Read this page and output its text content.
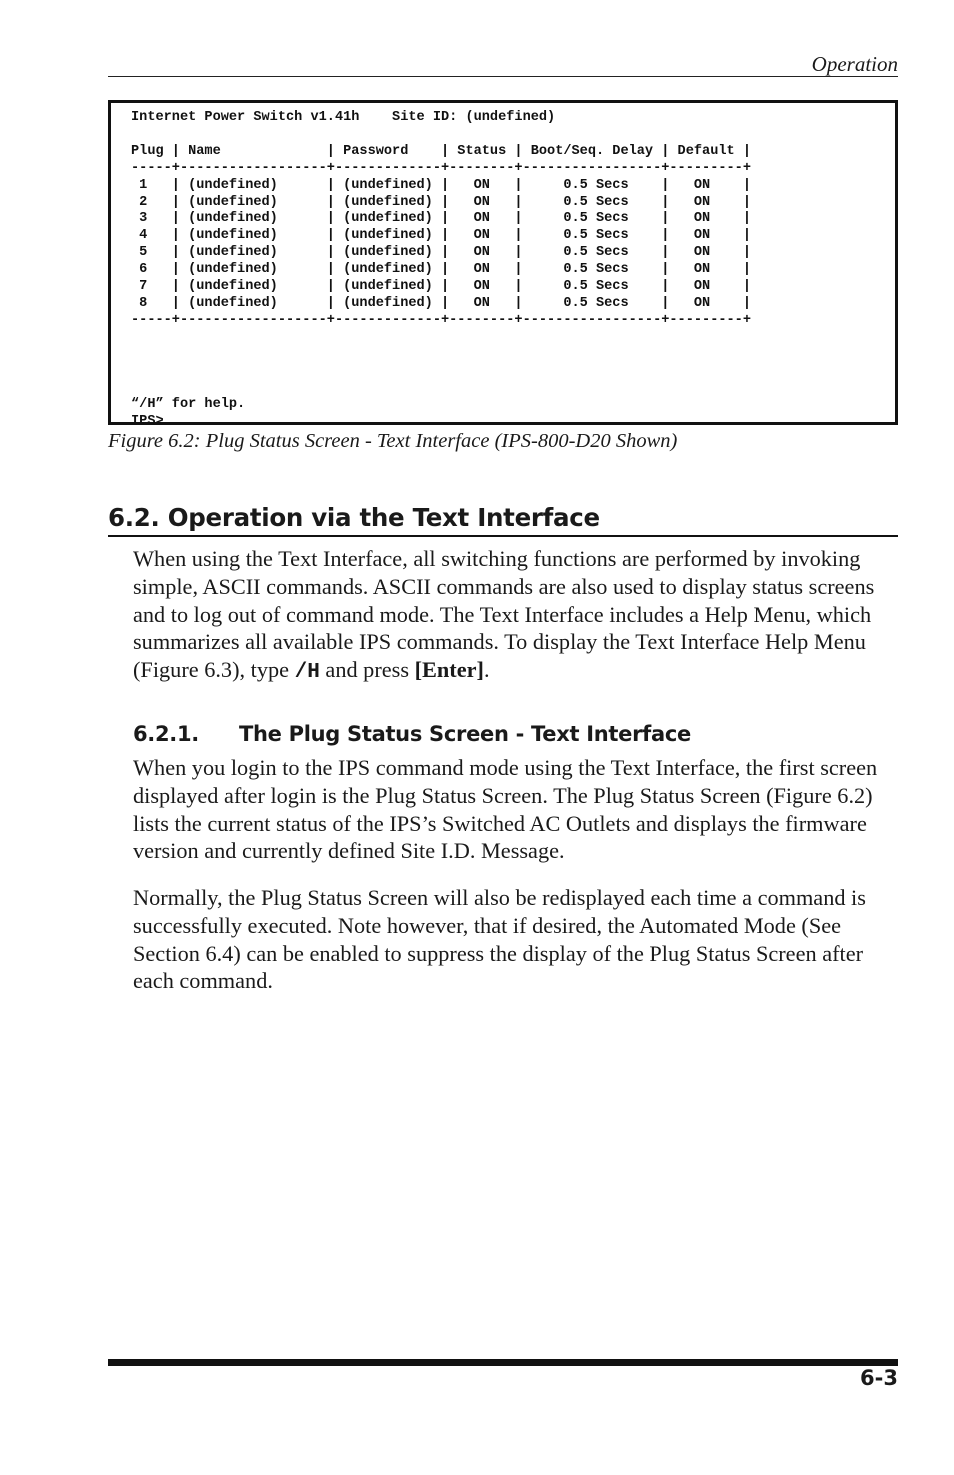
Operation
Internet Power Switch v1.41h    Site ID: (undefined)

Plug | Name             | Password    | Status | Boot/Seq. Delay | Default |
-----+------------------+-------------+--------+-----------------+---------+
1   | (undefined)      | (undefined) |   ON   |     0.5 Secs    |   ON    |
2   | (undefined)      | (undefined) |   ON   |     0.5 Secs    |   ON    |
3   | (undefined)      | (undefined) |   ON   |     0.5 Secs    |   ON    |
4   | (undefined)      | (undefined) |   ON   |     0.5 Secs    |   ON    |
5   | (undefined)      | (undefined) |   ON   |     0.5 Secs    |   ON    |
6   | (undefined)      | (undefined) |   ON   |     0.5 Secs    |   ON    |
7   | (undefined)      | (undefined) |   ON   |     0.5 Secs    |   ON    |
8   | (undefined)      | (undefined) |   ON   |     0.5 Secs    |   ON    |
-----+------------------+-------------+--------+-----------------+---------+

“/H” for help.
IPS>
Figure 6.2: Plug Status Screen - Text Interface (IPS-800-D20 Shown)
6.2. Operation via the Text Interface

When using the Text Interface, all switching functions are performed by invoking simple, ASCII commands. ASCII commands are also used to display status screens and to log out of command mode. The Text Interface includes a Help Menu, which summarizes all available IPS commands. To display the Text Interface Help Menu (Figure 6.3), type /H and press [Enter].

6.2.1. The Plug Status Screen - Text Interface

When you login to the IPS command mode using the Text Interface, the first screen displayed after login is the Plug Status Screen. The Plug Status Screen (Figure 6.2) lists the current status of the IPS’s Switched AC Outlets and displays the firmware version and currently defined Site I.D. Message.

Normally, the Plug Status Screen will also be redisplayed each time a command is successfully executed. Note however, that if desired, the Automated Mode (See Section 6.4) can be enabled to suppress the display of the Plug Status Screen after each command.

6-3
